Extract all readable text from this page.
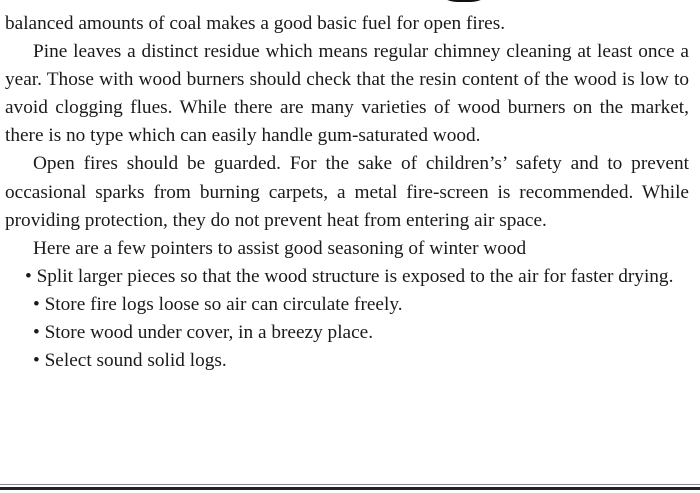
balanced amounts of coal makes a good basic fuel for open fires.

Pine leaves a distinct residue which means regular chimney cleaning at least once a year. Those with wood burners should check that the resin content of the wood is low to avoid clogging flues. While there are many varieties of wood burners on the market, there is no type which can easily handle gum-saturated wood.

Open fires should be guarded. For the sake of children’s’ safety and to prevent occasional sparks from burning carpets, a metal fire-screen is recommended. While providing protection, they do not prevent heat from entering air space.

Here are a few pointers to assist good seasoning of winter wood

• Split larger pieces so that the wood structure is exposed to the air for faster drying.

• Store fire logs loose so air can circulate freely.

• Store wood under cover, in a breezy place.

• Select sound solid logs.
